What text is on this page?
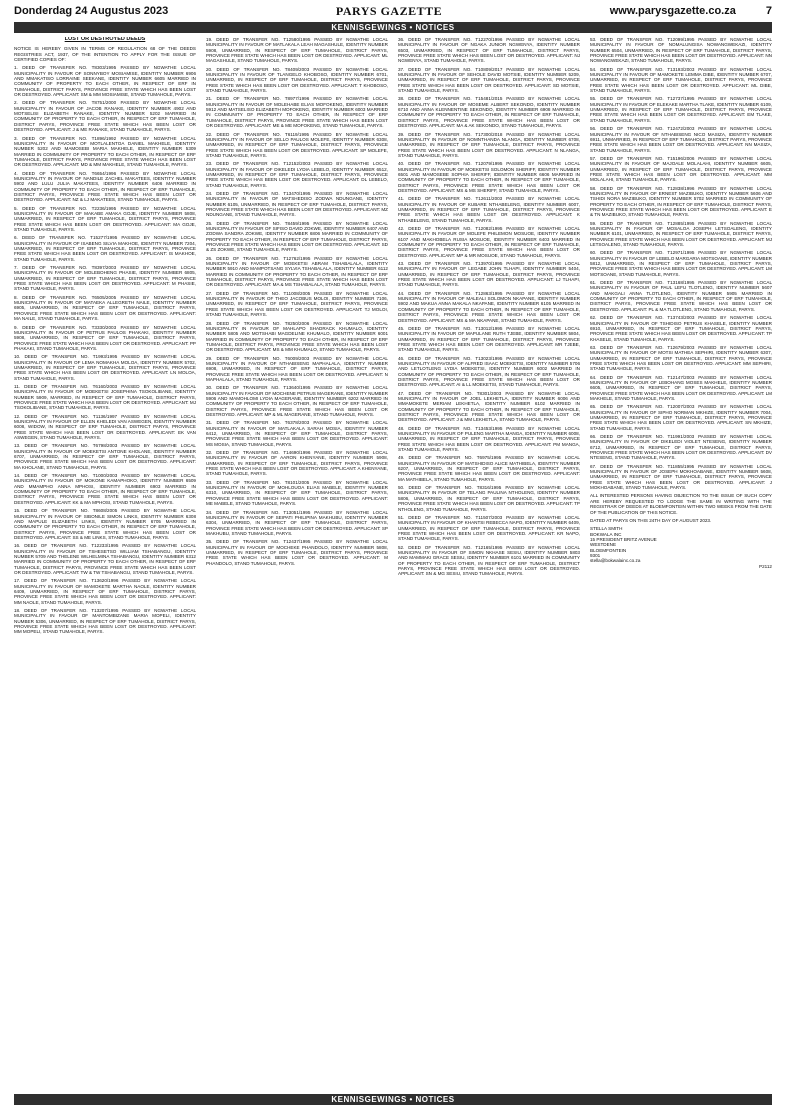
Donderdag 24 Augustus 2023	PARYS GAZETTE	www.parysgazette.co.za	7
KENNISGEWINGS • NOTICES
LOST OR DESTROYED DEEDS

NOTICE IS HEREBY GIVEN IN TERMS OF REGULATION 68 OF THE DEEDS REGISTRIES ACT, 1937, OF THE INTENTION TO APPLY FOR THE ISSUE OF CERTIFIED COPIES OF:

1. DEED OF TRANSFER NO. T8303/1995 PASSED BY NGWATHE LOCAL MUNICIPALITY IN FAVOUR OF SONNYBOY MOSIAMISE, IDENTITY NUMBER 6906 AND MMAKATISO LORRAINE SEEKANE, IDENTITY NUMBER 6605 MARRIED IN COMMUNITY OF PROPERTY TO EACH OTHER, IN RESPECT OF ERF IN TUMAHOLE, DISTRICT PARYS, PROVINCE FREE STATE WHICH HAS BEEN LOST OR DESTROYED. APPLICANT: SM & MM MOSIAMISE, STAND TUMAHOLE, PARYS.

2. DEED OF TRANSFER NO. T8751/2000 PASSED BY NGWATHE LOCAL MUNICIPALITY IN FAVOUR OF JACOB RANAKE, IDENTITY NUMBER 4902 AND MOTSELISI ELIZABETH RANAKE, IDENTITY NUMBER 5202 MARRIED IN COMMUNITY OF PROPERTY TO EACH OTHER, IN RESPECT OF ERF TUMAHOLE, DISTRICT PARYS, PROVINCE FREE STATE WHICH HAS BEEN LOST OR DESTROYED. APPLICANT: J & ME RANAKE, STAND TUMAHOLE, PARYS.

3. DEED OF TRANSFER NO. T1896/1992 PASSED BY NGWATHE LOCAL MUNICIPALITY IN FAVOUR OF MOTLALENTOA DANIEL MAKHELE, IDENTITY NUMBER 5202 AND MAMOSEBI MARIA MAKHELE, IDENTITY NUMBER 5309 MARRIED IN COMMUNITY OF PROPERTY TO EACH OTHER, IN RESPECT OF ERF TUMAHOLE, DISTRICT PARYS, PROVINCE FREE STATE WHICH HAS BEEN LOST OR DESTROYED. APPLICANT: MD & MM MAKHELE, STAND TUMAHOLE, PARYS.

4. DEED OF TRANSFER NO. T6654/1996 PASSED BY NGWATHE LOCAL MUNICIPALITY IN FAVOUR OF NANDILE ZACHEL MAKATEES, IDENTITY NUMBER 5902 AND LULU JULIA MAKATEES, IDENTITY NUMBER 6406 MARRIED IN COMMUNITY OF PROPERTY TO EACH OTHER, IN RESPECT OF ERF TUMAHOLE, DISTRICT PARYS, PROVINCE FREE STATE WHICH HAS BEEN LOST OR DESTROYED. APPLICANT: NZ & LJ MAKATEES, STAND TUMAHOLE, PARYS.

5. DEED OF TRANSFER NO. T2236/1995 PASSED BY NGWATHE LOCAL MUNICIPALITY IN FAVOUR OF MAKABE AMAKA GOJE, IDENTITY NUMBER 5808, UNMARRIED, IN RESPECT OF ERF TUMAHOLE, DISTRICT PARYS, PROVINCE FREE STATE WHICH HAS BEEN LOST OR DESTROYED. APPLICANT: MA GOJE, STAND TUMAHOLE, PARYS.

6. DEED OF TRANSFER NO. T15277/1995 PASSED BY NGWATHE LOCAL MUNICIPALITY IN FAVOUR OF ISABENG SILVIA MAKHOE, IDENTITY NUMBER 7204, UNMARRIED, IN RESPECT OF ERF TUMAHOLE, DISTRICT PARYS, PROVINCE FREE STATE WHICH HAS BEEN LOST OR DESTROYED. APPLICANT: IS MAKHOE, STAND TUMAHOLE, PARYS.

7. DEED OF TRANSFER NO. T8397/2003 PASSED BY NGWATHE LOCAL MUNICIPALITY IN FAVOUR OF MOLEBOHENG PHASIE, IDENTITY NUMBER 6805, UNMARRIED, IN RESPECT OF ERF TUMAHOLE, DISTRICT PARYS, PROVINCE FREE STATE WHICH HAS BEEN LOST OR DESTROYED. APPLICANT: M PHASIE, STAND TUMAHOLE, PARYS.

8. DEED OF TRANSFER NO. T6505/2005 PASSED BY NGWATHE LOCAL MUNICIPALITY IN FAVOUR OF MATAEKA ALLEGRETH NAILE, IDENTITY NUMBER 6905, UNMARRIED, IN RESPECT OF ERF TUMAHOLE, DISTRICT PARYS, PROVINCE FREE STATE WHICH HAS BEEN LOST OR DESTROYED. APPLICANT: MA NAILE, STAND TUMAHOLE, PARYS.

9. DEED OF TRANSFER NO. T3330/2003 PASSED BY NGWATHE LOCAL MUNICIPALITY IN FAVOUR OF PETRUS PAULOS PHAKAKI, IDENTITY NUMBER 5908, UNMARRIED, IN RESPECT OF ERF TUMAHOLE, DISTRICT PARYS, PROVINCE FREE STATE WHICH HAS BEEN LOST OR DESTROYED. APPLICANT: PP PHAKAKI, STAND TUMAHOLE, PARYS.

10. DEED OF TRANSFER NO. T1993/1995 PASSED BY NGWATHE LOCAL MUNICIPALITY IN FAVOUR OF LEMA NOMAKHA MOLOA, IDENTITY NUMBER 5702, UNMARRIED, IN RESPECT OF ERF TUMAHOLE, DISTRICT PARYS, PROVINCE FREE STATE WHICH HAS BEEN LOST OR DESTROYED. APPLICANT: LN MOLOA, STAND TUMAHOLE, PARYS.

11. DEED OF TRANSFER NO. T6160/2003 PASSED BY NGWATHE LOCAL MUNICIPALITY IN FAVOUR OF MOEKETSI JOSEPHINA TSOKOLIBANE, IDENTITY NUMBER 5909, MARRIED, IN RESPECT OF ERF TUMAHOLE, DISTRICT PARYS, PROVINCE FREE STATE WHICH HAS BEEN LOST OR DESTROYED. APPLICANT: MJ TSOKOLIBANE, STAND TUMAHOLE, PARYS.

12. DEED OF TRANSFER NO. T1136/1997 PASSED BY NGWATHE LOCAL MUNICIPALITY IN FAVOUR OF ELLEN KHELEDI VAN ASWEGEN, IDENTITY NUMBER 6008, WIDOW, IN RESPECT OF ERF TUMAHOLE, DISTRICT PARYS, PROVINCE FREE STATE WHICH HAS BEEN LOST OR DESTROYED. APPLICANT: EK VAN ASWEGEN, STAND TUMAHOLE, PARYS.

13. DEED OF TRANSFER NO. T6798/2003 PASSED BY NGWATHE LOCAL MUNICIPALITY IN FAVOUR OF MOEKETSI ANTONE KHOLANE, IDENTITY NUMBER 6707, UNMARRIED, IN RESPECT OF ERF TUMAHOLE, DISTRICT PARYS, PROVINCE FREE STATE WHICH HAS BEEN LOST OR DESTROYED. APPLICANT: MA KHOLANE, STAND TUMAHOLE, PARYS.

14. DEED OF TRANSFER NO. T1000/2003 PASSED BY NGWATHE LOCAL MUNICIPALITY IN FAVOUR OF MOKONE KAMAPHOKO, IDENTITY NUMBER 6509 AND MMAMPHO ANNA MPHOSI, IDENTITY NUMBER 6903 MARRIED IN COMMUNITY OF PROPERTY TO EACH OTHER, IN RESPECT OF ERF TUMAHOLE, DISTRICT PARYS, PROVINCE FREE STATE WHICH HAS BEEN LOST OR DESTROYED. APPLICANT: KK & MA MPHOSI, STAND TUMAHOLE, PARYS.

15. DEED OF TRANSFER NO. T8608/2005 PASSED BY NGWATHE LOCAL MUNICIPALITY IN FAVOUR OF SIBONILE SIMON LINKS, IDENTITY NUMBER 6308 AND MAPULE ELIZABETH LINKS, IDENTITY NUMBER 6705 MARRIED IN COMMUNITY OF PROPERTY TO EACH OTHER, IN RESPECT OF ERF TUMAHOLE, DISTRICT PARYS, PROVINCE FREE STATE WHICH HAS BEEN LOST OR DESTROYED. APPLICANT: SS & ME LINKS, STAND TUMAHOLE, PARYS.

16. DEED OF TRANSFER NO. T12233/1995 PASSED BY NGWATHE LOCAL MUNICIPALITY IN FAVOUR OF TSHESETSO WILLIAM TSHABANGU, IDENTITY NUMBER 5709 AND THELENE WILHELMINA TSHABANGU, IDENTITY NUMBER 6312 MARRIED IN COMMUNITY OF PROPERTY TO EACH OTHER, IN RESPECT OF ERF TUMAHOLE, DISTRICT PARYS, PROVINCE FREE STATE WHICH HAS BEEN LOST OR DESTROYED. APPLICANT: TW & TW TSHABANGU, STAND TUMAHOLE, PARYS.

17. DEED OF TRANSFER NO. T13620/1996 PASSED BY NGWATHE LOCAL MUNICIPALITY IN FAVOUR OF MAMOKETE MARTHA NAOLE, IDENTITY NUMBER 6409, UNMARRIED, IN RESPECT OF ERF TUMAHOLE, DISTRICT PARYS, PROVINCE FREE STATE WHICH HAS BEEN LOST OR DESTROYED. APPLICANT: MM NAOLE, STAND TUMAHOLE, PARYS.

18. DEED OF TRANSFER NO. T13207/1995 PASSED BY NGWATHE LOCAL MUNICIPALITY IN FAVOUR OF MANTOMBIZANE MARIA MOPELI, IDENTITY NUMBER 5306, UNMARRIED, IN RESPECT OF ERF TUMAHOLE, DISTRICT PARYS, PROVINCE FREE STATE WHICH HAS BEEN LOST OR DESTROYED. APPLICANT: MM MOPELI, STAND TUMAHOLE, PARYS.

19. DEED OF TRANSFER NO. T12580/1995 PASSED BY NGWATHE LOCAL MUNICIPALITY IN FAVOUR OF MATLAKALA LEAH MAGASHULE, IDENTITY NUMBER 5908, UNMARRIED, IN RESPECT OF ERF TUMAHOLE, DISTRICT PARYS, PROVINCE FREE STATE WHICH HAS BEEN LOST OR DESTROYED. APPLICANT: ML MAGASHULE, STAND TUMAHOLE, PARYS.

20. DEED OF TRANSFER NO. T8409/2003 PASSED BY NGWATHE LOCAL MUNICIPALITY IN FAVOUR OF TLANGELO KHOBOSO, IDENTITY NUMBER 6701, UNMARRIED, IN RESPECT OF ERF TUMAHOLE, DISTRICT PARYS, PROVINCE FREE STATE WHICH HAS BEEN LOST OR DESTROYED. APPLICANT: T KHOBOSO, STAND TUMAHOLE, PARYS.

21. DEED OF TRANSFER NO. T8977/1996 PASSED BY NGWATHE LOCAL MUNICIPALITY IN FAVOUR OF MOLEHABE ELIAS MOFOKENG, IDENTITY NUMBER 5912 AND MATSELISO ELIZABETH MOFOKENG, IDENTITY NUMBER 6003 MARRIED IN COMMUNITY OF PROPERTY TO EACH OTHER, IN RESPECT OF ERF TUMAHOLE, DISTRICT PARYS, PROVINCE FREE STATE WHICH HAS BEEN LOST OR DESTROYED. APPLICANT: ME & ME MOFOKENG, STAND TUMAHOLE, PARYS.

22. DEED OF TRANSFER NO. T6119/1995 PASSED BY NGWATHE LOCAL MUNICIPALITY IN FAVOUR OF SELLO PAULOS MOLEFE, IDENTITY NUMBER 6308, UNMARRIED, IN RESPECT OF ERF TUMAHOLE, DISTRICT PARYS, PROVINCE FREE STATE WHICH HAS BEEN LOST OR DESTROYED. APPLICANT: SP MOLEFE, STAND TUMAHOLE, PARYS.

23. DEED OF TRANSFER NO. T12152/2003 PASSED BY NGWATHE LOCAL MUNICIPALITY IN FAVOUR OF DIKELEDI LYDIA LEBELO, IDENTITY NUMBER 6512, UNMARRIED, IN RESPECT OF ERF TUMAHOLE, DISTRICT PARYS, PROVINCE FREE STATE WHICH HAS BEEN LOST OR DESTROYED. APPLICANT: DL LEBELO, STAND TUMAHOLE, PARYS.

24. DEED OF TRANSFER NO. T13470/1995 PASSED BY NGWATHE LOCAL MUNICIPALITY IN FAVOUR OF MATSHEDISO ZODWA NDUNGANE, IDENTITY NUMBER 6105, UNMARRIED, IN RESPECT OF ERF TUMAHOLE, DISTRICT PARYS, PROVINCE FREE STATE WHICH HAS BEEN LOST OR DESTROYED. APPLICANT: MZ NDUNGANE, STAND TUMAHOLE, PARYS.

25. DEED OF TRANSFER NO. T8459/1995 PASSED BY NGWATHE LOCAL MUNICIPALITY IN FAVOUR OF SIFISO DAVID ZOKWE, IDENTITY NUMBER 6407 AND ZODWA SANDRA ZOKWE, IDENTITY NUMBER 6806 MARRIED IN COMMUNITY OF PROPERTY TO EACH OTHER, IN RESPECT OF ERF TUMAHOLE, DISTRICT PARYS, PROVINCE FREE STATE WHICH HAS BEEN LOST OR DESTROYED. APPLICANT: SD & ZS ZOKWE, STAND TUMAHOLE, PARYS.

26. DEED OF TRANSFER NO. T12762/1995 PASSED BY NGWATHE LOCAL MUNICIPALITY IN FAVOUR OF MOEKETSI ABRAM TSHABALALA, IDENTITY NUMBER 5910 AND MAMPOTSANG SYLVIA TSHABALALA, IDENTITY NUMBER 6112 MARRIED IN COMMUNITY OF PROPERTY TO EACH OTHER, IN RESPECT OF ERF TUMAHOLE, DISTRICT PARYS, PROVINCE FREE STATE WHICH HAS BEEN LOST OR DESTROYED. APPLICANT: MA & MS TSHABALALA, STAND TUMAHOLE, PARYS.

27. DEED OF TRANSFER NO. T11008/2005 PASSED BY NGWATHE LOCAL MUNICIPALITY IN FAVOUR OF THEO JACOBUS MOLOI, IDENTITY NUMBER 7106, UNMARRIED, IN RESPECT OF ERF TUMAHOLE, DISTRICT PARYS, PROVINCE FREE STATE WHICH HAS BEEN LOST OR DESTROYED. APPLICANT: TJ MOLOI, STAND TUMAHOLE, PARYS.

28. DEED OF TRANSFER NO. T8250/2006 PASSED BY NGWATHE LOCAL MUNICIPALITY IN FAVOUR OF MAHLAPO SHADRACK KHUMALO, IDENTITY NUMBER 5805 AND MOTSHABI MAGDELINE KHUMALO, IDENTITY NUMBER 6001 MARRIED IN COMMUNITY OF PROPERTY TO EACH OTHER, IN RESPECT OF ERF TUMAHOLE, DISTRICT PARYS, PROVINCE FREE STATE WHICH HAS BEEN LOST OR DESTROYED. APPLICANT: MS & MM KHUMALO, STAND TUMAHOLE, PARYS.

29. DEED OF TRANSFER NO. T6009/2003 PASSED BY NGWATHE LOCAL MUNICIPALITY IN FAVOUR OF NTHABISENG MAPHALALA, IDENTITY NUMBER 6908, UNMARRIED, IN RESPECT OF ERF TUMAHOLE, DISTRICT PARYS, PROVINCE FREE STATE WHICH HAS BEEN LOST OR DESTROYED. APPLICANT: N MAPHALALA, STAND TUMAHOLE, PARYS.

30. DEED OF TRANSFER NO. T13640/1995 PASSED BY NGWATHE LOCAL MUNICIPALITY IN FAVOUR OF MOCHENE PETRUS MAGERANE, IDENTITY NUMBER 5906 AND MAMOHLOMI LYDIA MAGERANE, IDENTITY NUMBER 6202 MARRIED IN COMMUNITY OF PROPERTY TO EACH OTHER, IN RESPECT OF ERF TUMAHOLE, DISTRICT PARYS, PROVINCE FREE STATE WHICH HAS BEEN LOST OR DESTROYED. APPLICANT: MP & ML MAGERANE, STAND TUMAHOLE, PARYS.

31. DEED OF TRANSFER NO. T6378/2003 PASSED BY NGWATHE LOCAL MUNICIPALITY IN FAVOUR OF MATLAKALA SARAH MOSIA, IDENTITY NUMBER 6412, UNMARRIED, IN RESPECT OF ERF TUMAHOLE, DISTRICT PARYS, PROVINCE FREE STATE WHICH HAS BEEN LOST OR DESTROYED. APPLICANT: MS MOSIA, STAND TUMAHOLE, PARYS.

32. DEED OF TRANSFER NO. T14690/1996 PASSED BY NGWATHE LOCAL MUNICIPALITY IN FAVOUR OF AARON KHENYANE, IDENTITY NUMBER 5908, UNMARRIED, IN RESPECT OF ERF TUMAHOLE, DISTRICT PARYS, PROVINCE FREE STATE WHICH HAS BEEN LOST OR DESTROYED. APPLICANT: A KHENYANE, STAND TUMAHOLE, PARYS.

33. DEED OF TRANSFER NO. T8101/2005 PASSED BY NGWATHE LOCAL MUNICIPALITY IN FAVOUR OF MOHLOUOA ELIAS MABELE, IDENTITY NUMBER 6310, UNMARRIED, IN RESPECT OF ERF TUMAHOLE, DISTRICT PARYS, PROVINCE FREE STATE WHICH HAS BEEN LOST OR DESTROYED. APPLICANT: ME MABELE, STAND TUMAHOLE, PARYS.

34. DEED OF TRANSFER NO. T13051/1995 PASSED BY NGWATHE LOCAL MUNICIPALITY IN FAVOUR OF SEIPATI PHILIPINA MAKHUBU, IDENTITY NUMBER 6304, UNMARRIED, IN RESPECT OF ERF TUMAHOLE, DISTRICT PARYS, PROVINCE FREE STATE WHICH HAS BEEN LOST OR DESTROYED. APPLICANT: SP MAKHUBU, STAND TUMAHOLE, PARYS.

35. DEED OF TRANSFER NO. T12437/1995 PASSED BY NGWATHE LOCAL MUNICIPALITY IN FAVOUR OF MOCHEKE PHANDOLO, IDENTITY NUMBER 5808, UNMARRIED, IN RESPECT OF ERF TUMAHOLE, DISTRICT PARYS, PROVINCE FREE STATE WHICH HAS BEEN LOST OR DESTROYED. APPLICANT: M PHANDOLO, STAND TUMAHOLE, PARYS.

36. DEED OF TRANSFER NO. T12270/1996 PASSED BY NGWATHE LOCAL MUNICIPALITY IN FAVOUR OF NGAKA JUNIOR NGWENYA, IDENTITY NUMBER 6503, UNMARRIED, IN RESPECT OF ERF TUMAHOLE, DISTRICT PARYS, PROVINCE FREE STATE WHICH HAS BEEN LOST OR DESTROYED. APPLICANT: NJ NGWENYA, STAND TUMAHOLE, PARYS.

37. DEED OF TRANSFER NO. T10809/2017 PASSED BY NGWATHE LOCAL MUNICIPALITY IN FAVOUR OF SEHOLE DAVID MOTSIE, IDENTITY NUMBER 5209, UNMARRIED, IN RESPECT OF ERF TUMAHOLE, DISTRICT PARYS, PROVINCE FREE STATE WHICH HAS BEEN LOST OR DESTROYED. APPLICANT: SD MOTSIE, STAND TUMAHOLE, PARYS.

38. DEED OF TRANSFER NO. T15481/2015 PASSED BY NGWATHE LOCAL MUNICIPALITY IN FAVOUR OF MOSEME ALBERT SEKONDO, IDENTITY NUMBER 6710 AND ANNA KLENNENTINE SEKONDO, IDENTITY NUMBER 6908 MARRIED IN COMMUNITY OF PROPERTY TO EACH OTHER, IN RESPECT OF ERF TUMAHOLE, DISTRICT PARYS, PROVINCE FREE STATE WHICH HAS BEEN LOST OR DESTROYED. APPLICANT: MA & AK SEKONDO, STAND TUMAHOLE, PARYS.

39. DEED OF TRANSFER NO. T17300/2018 PASSED BY NGWATHE LOCAL MUNICIPALITY IN FAVOUR OF NOMNTHANDA NLANGA, IDENTITY NUMBER 6708, UNMARRIED, IN RESPECT OF ERF TUMAHOLE, DISTRICT PARYS, PROVINCE FREE STATE WHICH HAS BEEN LOST OR DESTROYED. APPLICANT: N NLANGA, STAND TUMAHOLE, PARYS.

40. DEED OF TRANSFER NO. T12079/1995 PASSED BY NGWATHE LOCAL MUNICIPALITY IN FAVOUR OF MOEKETSI SOLOMON SHERIFF, IDENTITY NUMBER 6501 AND MAMOSEBE SOPHIA SHERIFF, IDENTITY NUMBER 6606 MARRIED IN COMMUNITY OF PROPERTY TO EACH OTHER, IN RESPECT OF ERF TUMAHOLE, DISTRICT PARYS, PROVINCE FREE STATE WHICH HAS BEEN LOST OR DESTROYED. APPLICANT: MS & MS SHERIFF, STAND TUMAHOLE, PARYS.

41. DEED OF TRANSFER NO. T12611/2003 PASSED BY NGWATHE LOCAL MUNICIPALITY IN FAVOUR OF KUBARE NTHABELENG, IDENTITY NUMBER 6007, UNMARRIED, IN RESPECT OF ERF TUMAHOLE, DISTRICT PARYS, PROVINCE FREE STATE WHICH HAS BEEN LOST OR DESTROYED. APPLICANT: K NTHABELENG, STAND TUMAHOLE, PARYS.

42. DEED OF TRANSFER NO. T12082/1995 PASSED BY NGWATHE LOCAL MUNICIPALITY IN FAVOUR OF MOLEFE PHILEMON MOSUOE, IDENTITY NUMBER 6107 AND MAKHOBELA RUSIA MOSUOE, IDENTITY NUMBER 6403 MARRIED IN COMMUNITY OF PROPERTY TO EACH OTHER, IN RESPECT OF ERF TUMAHOLE, DISTRICT PARYS, PROVINCE FREE STATE WHICH HAS BEEN LOST OR DESTROYED. APPLICANT: MP & MR MOSUOE, STAND TUMAHOLE, PARYS.

43. DEED OF TRANSFER NO. T13970/1995 PASSED BY NGWATHE LOCAL MUNICIPALITY IN FAVOUR OF LEGABE JOHN TLHAPI, IDENTITY NUMBER 5404, UNMARRIED, IN RESPECT OF ERF TUMAHOLE, DISTRICT PARYS, PROVINCE FREE STATE WHICH HAS BEEN LOST OR DESTROYED. APPLICANT: LJ TLHAPI, STAND TUMAHOLE, PARYS.

44. DEED OF TRANSFER NO. T12863/1995 PASSED BY NGWATHE LOCAL MUNICIPALITY IN FAVOUR OF MALEALI SOLOMON NKAPANE, IDENTITY NUMBER 5902 AND MAKUA ANNA MAKALA NKAPANE, IDENTITY NUMBER 6105 MARRIED IN COMMUNITY OF PROPERTY TO EACH OTHER, IN RESPECT OF ERF TUMAHOLE, DISTRICT PARYS, PROVINCE FREE STATE WHICH HAS BEEN LOST OR DESTROYED. APPLICANT: MS & MA NKAPANE, STAND TUMAHOLE, PARYS.

45. DEED OF TRANSFER NO. T13012/1995 PASSED BY NGWATHE LOCAL MUNICIPALITY IN FAVOUR OF MAPULANE RUTH TJEBE, IDENTITY NUMBER 5804, UNMARRIED, IN RESPECT OF ERF TUMAHOLE, DISTRICT PARYS, PROVINCE FREE STATE WHICH HAS BEEN LOST OR DESTROYED. APPLICANT: MR TJEBE, STAND TUMAHOLE, PARYS.

46. DEED OF TRANSFER NO. T13023/1995 PASSED BY NGWATHE LOCAL MUNICIPALITY IN FAVOUR OF ALFRED ISAAC MOEKETSI, IDENTITY NUMBER 5706 AND LETLOTLENG LYDIA MOEKETSI, IDENTITY NUMBER 6002 MARRIED IN COMMUNITY OF PROPERTY TO EACH OTHER, IN RESPECT OF ERF TUMAHOLE, DISTRICT PARYS, PROVINCE FREE STATE WHICH HAS BEEN LOST OR DESTROYED. APPLICANT: AI & LL MOEKETSI, STAND TUMAHOLE, PARYS.

47. DEED OF TRANSFER NO. T8301/2003 PASSED BY NGWATHE LOCAL MUNICIPALITY IN FAVOUR OF JOEL LEKHETLA, IDENTITY NUMBER 6006 AND MMAMOKETE MERIAM LEKHETLA, IDENTITY NUMBER 6102 MARRIED IN COMMUNITY OF PROPERTY TO EACH OTHER, IN RESPECT OF ERF TUMAHOLE, DISTRICT PARYS, PROVINCE FREE STATE WHICH HAS BEEN LOST OR DESTROYED. APPLICANT: J & MM LEKHETLA, STAND TUMAHOLE, PARYS.

48. DEED OF TRANSFER NO. T13453/1995 PASSED BY NGWATHE LOCAL MUNICIPALITY IN FAVOUR OF PULENG MARTHA MANGA, IDENTITY NUMBER 6008, UNMARRIED, IN RESPECT OF ERF TUMAHOLE, DISTRICT PARYS, PROVINCE FREE STATE WHICH HAS BEEN LOST OR DESTROYED. APPLICANT: PM MANGA, STAND TUMAHOLE, PARYS.

49. DEED OF TRANSFER NO. T6975/1995 PASSED BY NGWATHE LOCAL MUNICIPALITY IN FAVOUR OF MATSHIDISO ALICE MATHIBELA, IDENTITY NUMBER 6207, UNMARRIED, IN RESPECT OF ERF TUMAHOLE, DISTRICT PARYS, PROVINCE FREE STATE WHICH HAS BEEN LOST OR DESTROYED. APPLICANT: MA MATHIBELA, STAND TUMAHOLE, PARYS.

50. DEED OF TRANSFER NO. T8316/1995 PASSED BY NGWATHE LOCAL MUNICIPALITY IN FAVOUR OF TELANG PAULINA NTHOLENG, IDENTITY NUMBER 5806, UNMARRIED, IN RESPECT OF ERF TUMAHOLE, DISTRICT PARYS, PROVINCE FREE STATE WHICH HAS BEEN LOST OR DESTROYED. APPLICANT: TP NTHOLENG, STAND TUMAHOLE, PARYS.

51. DEED OF TRANSFER NO. T11507/2003 PASSED BY NGWATHE LOCAL MUNICIPALITY IN FAVOUR OF KHANTSI REBECCA NAPO, IDENTITY NUMBER 6409, UNMARRIED, IN RESPECT OF ERF TUMAHOLE, DISTRICT PARYS, PROVINCE FREE STATE WHICH HAS BEEN LOST OR DESTROYED. APPLICANT: KR NAPO, STAND TUMAHOLE, PARYS.

52. DEED OF TRANSFER NO. T12165/1995 PASSED BY NGWATHE LOCAL MUNICIPALITY IN FAVOUR OF SIMON NKHASE SESIU, IDENTITY NUMBER 5803 AND MAMMAKI GRACE SESIU, IDENTITY NUMBER 6101 MARRIED IN COMMUNITY OF PROPERTY TO EACH OTHER, IN RESPECT OF ERF TUMAHOLE, DISTRICT PARYS, PROVINCE FREE STATE WHICH HAS BEEN LOST OR DESTROYED. APPLICANT: SN & MG SESIU, STAND TUMAHOLE, PARYS.

53. DEED OF TRANSFER NO. T12099/1995 PASSED BY NGWATHE LOCAL MUNICIPALITY IN FAVOUR OF NOMALUNGISA NOWANGWEKAZI, IDENTITY NUMBER 6504, UNMARRIED, IN RESPECT OF ERF TUMAHOLE, DISTRICT PARYS, PROVINCE FREE STATE WHICH HAS BEEN LOST OR DESTROYED. APPLICANT: NN NOWANGWEKAZI, STAND TUMAHOLE, PARYS.

54. DEED OF TRANSFER NO. T13193/2003 PASSED BY NGWATHE LOCAL MUNICIPALITY IN FAVOUR OF MAMOKETE LEMMA DIBE, IDENTITY NUMBER 6707, UNMARRIED, IN RESPECT OF ERF TUMAHOLE, DISTRICT PARYS, PROVINCE FREE STATE WHICH HAS BEEN LOST OR DESTROYED. APPLICANT: ML DIBE, STAND TUMAHOLE, PARYS.

55. DEED OF TRANSFER NO. T12737/1995 PASSED BY NGWATHE LOCAL MUNICIPALITY IN FAVOUR OF ELEKAKE MARTHA TLAKE, IDENTITY NUMBER 6109, UNMARRIED, IN RESPECT OF ERF TUMAHOLE, DISTRICT PARYS, PROVINCE FREE STATE WHICH HAS BEEN LOST OR DESTROYED. APPLICANT: EM TLAKE, STAND TUMAHOLE, PARYS.

56. DEED OF TRANSFER NO. T12472/2003 PASSED BY NGWATHE LOCAL MUNICIPALITY IN FAVOUR OF NTHABISENG NICO MASIZA, IDENTITY NUMBER 6911, UNMARRIED, IN RESPECT OF ERF TUMAHOLE, DISTRICT PARYS, PROVINCE FREE STATE WHICH HAS BEEN LOST OR DESTROYED. APPLICANT: NN MASIZA, STAND TUMAHOLE, PARYS.

57. DEED OF TRANSFER NO. T15196/2006 PASSED BY NGWATHE LOCAL MUNICIPALITY IN FAVOUR OF MAJOALE MOLALAHI, IDENTITY NUMBER 6605, UNMARRIED, IN RESPECT OF ERF TUMAHOLE, DISTRICT PARYS, PROVINCE FREE STATE WHICH HAS BEEN LOST OR DESTROYED. APPLICANT: MM MOLALAHI, STAND TUMAHOLE, PARYS.

58. DEED OF TRANSFER NO. T12838/1996 PASSED BY NGWATHE LOCAL MUNICIPALITY IN FAVOUR OF ERNEST MAZIBUKO, IDENTITY NUMBER 5606 AND TSHIDI NORA MAZIBUKO, IDENTITY NUMBER 5702 MARRIED IN COMMUNITY OF PROPERTY TO EACH OTHER, IN RESPECT OF ERF TUMAHOLE, DISTRICT PARYS, PROVINCE FREE STATE WHICH HAS BEEN LOST OR DESTROYED. APPLICANT: E & TN MAZIBUKO, STAND TUMAHOLE, PARYS.

59. DEED OF TRANSFER NO. T12885/1995 PASSED BY NGWATHE LOCAL MUNICIPALITY IN FAVOUR OF MOSALOA JOSEPH LETSOALENG, IDENTITY NUMBER 6101, UNMARRIED, IN RESPECT OF ERF TUMAHOLE, DISTRICT PARYS, PROVINCE FREE STATE WHICH HAS BEEN LOST OR DESTROYED. APPLICANT: MJ LETSOALENG, STAND TUMAHOLE, PARYS.

60. DEED OF TRANSFER NO. T12971/1995 PASSED BY NGWATHE LOCAL MUNICIPALITY IN FAVOUR OF LEBELO MARGARIA MOTSOANE, IDENTITY NUMBER 5812, UNMARRIED, IN RESPECT OF ERF TUMAHOLE, DISTRICT PARYS, PROVINCE FREE STATE WHICH HAS BEEN LOST OR DESTROYED. APPLICANT: LM MOTSOANE, STAND TUMAHOLE, PARYS.

61. DEED OF TRANSFER NO. T13168/1995 PASSED BY NGWATHE LOCAL MUNICIPALITY IN FAVOUR OF PAUL LEFU TLOTLENG, IDENTITY NUMBER 5607 AND MAKGALI ANNA TLOTLENG, IDENTITY NUMBER 5905 MARRIED IN COMMUNITY OF PROPERTY TO EACH OTHER, IN RESPECT OF ERF TUMAHOLE, DISTRICT PARYS, PROVINCE FREE STATE WHICH HAS BEEN LOST OR DESTROYED. APPLICANT: PL & MA TLOTLENG, STAND TUMAHOLE, PARYS.

62. DEED OF TRANSFER NO. T13743/2003 PASSED BY NGWATHE LOCAL MUNICIPALITY IN FAVOUR OF TSHIDISO PETRUS KHASELE, IDENTITY NUMBER 6910, UNMARRIED, IN RESPECT OF ERF TUMAHOLE, DISTRICT PARYS, PROVINCE FREE STATE WHICH HAS BEEN LOST OR DESTROYED. APPLICANT: TP KHASELE, STAND TUMAHOLE, PARYS.

63. DEED OF TRANSFER NO. T12679/2003 PASSED BY NGWATHE LOCAL MUNICIPALITY IN FAVOUR OF MOTSI MATHEA SEPHIRI, IDENTITY NUMBER 6307, UNMARRIED, IN RESPECT OF ERF TUMAHOLE, DISTRICT PARYS, PROVINCE FREE STATE WHICH HAS BEEN LOST OR DESTROYED. APPLICANT: MM SEPHIRI, STAND TUMAHOLE, PARYS.

64. DEED OF TRANSFER NO. T12147/2003 PASSED BY NGWATHE LOCAL MUNICIPALITY IN FAVOUR OF LEBOHANG MOSES MAKHELE, IDENTITY NUMBER 6605, UNMARRIED, IN RESPECT OF ERF TUMAHOLE, DISTRICT PARYS, PROVINCE FREE STATE WHICH HAS BEEN LOST OR DESTROYED. APPLICANT: LM MAKHELE, STAND TUMAHOLE, PARYS.

65. DEED OF TRANSFER NO. T12007/2003 PASSED BY NGWATHE LOCAL MUNICIPALITY IN FAVOUR OF SIPHO NORMAN MKHIZE, IDENTITY NUMBER 7004, UNMARRIED, IN RESPECT OF ERF TUMAHOLE, DISTRICT PARYS, PROVINCE FREE STATE WHICH HAS BEEN LOST OR DESTROYED. APPLICANT: SN MKHIZE, STAND TUMAHOLE, PARYS.

66. DEED OF TRANSFER NO. T11991/2003 PASSED BY NGWATHE LOCAL MUNICIPALITY IN FAVOUR OF DIKELEDI VIOLET NTESENG, IDENTITY NUMBER 6712, UNMARRIED, IN RESPECT OF ERF TUMAHOLE, DISTRICT PARYS, PROVINCE FREE STATE WHICH HAS BEEN LOST OR DESTROYED. APPLICANT: DV NTESENG, STAND TUMAHOLE, PARYS.

67. DEED OF TRANSFER NO. T11855/1995 PASSED BY NGWATHE LOCAL MUNICIPALITY IN FAVOUR OF JOSEPH MOKHOABANE, IDENTITY NUMBER 5608, UNMARRIED, IN RESPECT OF ERF TUMAHOLE, DISTRICT PARYS, PROVINCE FREE STATE WHICH HAS BEEN LOST OR DESTROYED. APPLICANT: J MOKHOABANE, STAND TUMAHOLE, PARYS.

ALL INTERESTED PERSONS HAVING OBJECTION TO THE ISSUE OF SUCH COPY ARE HEREBY REQUESTED TO LODGE THE SAME IN WRITING WITH THE REGISTRAR OF DEEDS AT BLOEMFONTEIN WITHIN TWO WEEKS FROM THE DATE OF THE PUBLICATION OF THIS NOTICE.

DATED AT PARYS ON THIS 24TH DAY OF AUGUST 2023.

STELLA SMITH
BOKWALA INC
15 PRESIDENT BRITZ AVENUE
WESTDENE
BLOEMFONTEIN
9301
stella@bokwalainc.co.za
P2112
KENNISGEWINGS • NOTICES
